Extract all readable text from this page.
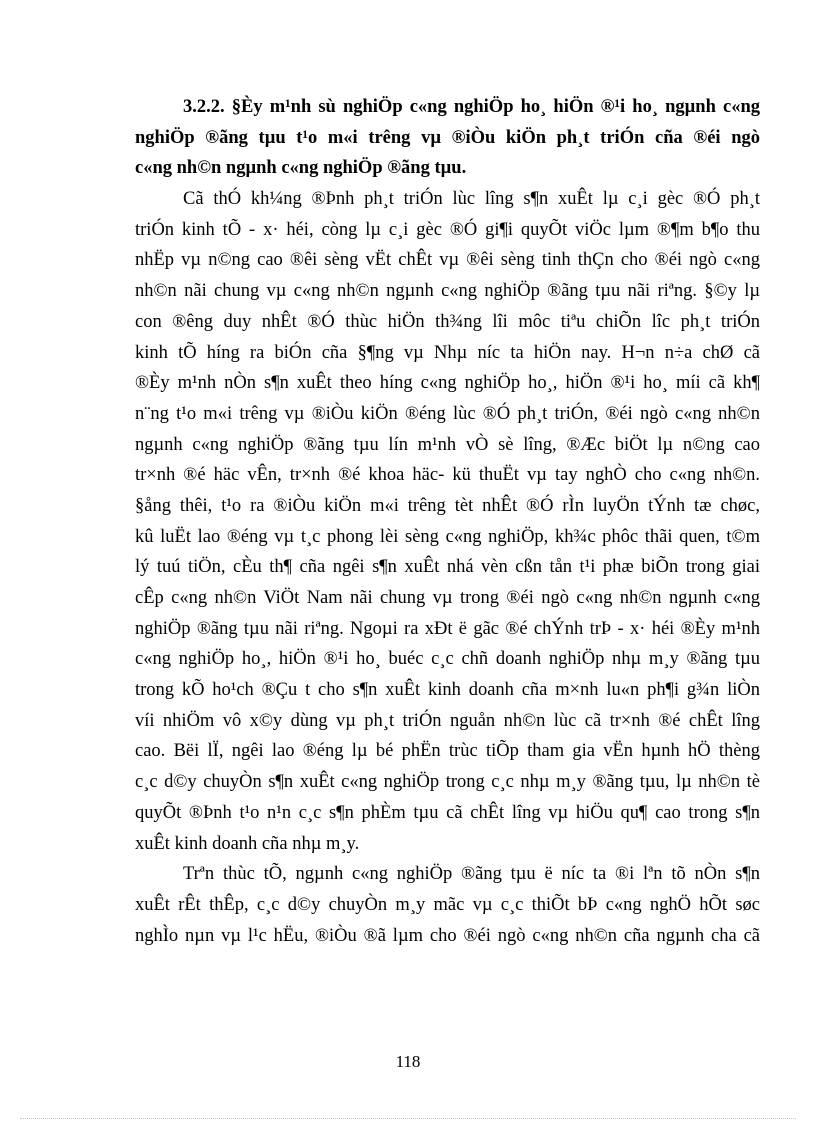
3.2.2. §Èy m¹nh sù nghiÖp c«ng nghiÖp ho¸ hiÖn ®¹i ho¸ ngµnh c«ng
nghiÖp ®ãng tµu t¹o m«i trêng vµ ®iÒu kiÖn ph¸t triÓn cña ®éi ngò
c«ng nh©n ngµnh c«ng nghiÖp ®ãng tµu.
Cã thÓ kh¼ng ®Þnh ph¸t triÓn lùc lîng s¶n xuÊt lµ c¸i gèc ®Ó ph¸t
triÓn kinh tÕ - x· héi, còng lµ c¸i gèc ®Ó gi¶i quyÕt viÖc lµm ®¶m b¶o thu
nhËp vµ n©ng cao ®êi sèng vËt chÊt vµ ®êi sèng tinh thÇn cho ®éi ngò c«ng
nh©n nãi chung vµ c«ng nh©n ngµnh c«ng nghiÖp ®ãng tµu nãi riªng. §©y lµ
con ®êng duy nhÊt ®Ó thùc hiÖn th¾ng lîi môc tiªu chiÕn lîc ph¸t triÓn
kinh tÕ híng ra biÓn cña §¶ng vµ Nhµ níc ta hiÖn nay. H¬n n÷a chØ cã
®Èy m¹nh nÒn s¶n xuÊt theo híng c«ng nghiÖp ho¸, hiÖn ®¹i ho¸ míi cã kh¶
n¨ng t¹o m«i trêng vµ ®iÒu kiÖn ®éng lùc ®Ó ph¸t triÓn, ®éi ngò c«ng nh©n
ngµnh c«ng nghiÖp ®ãng tµu lín m¹nh vÒ sè lîng, ®Æc biÖt lµ n©ng cao
tr×nh ®é häc vÊn, tr×nh ®é khoa häc- kü thuËt vµ tay nghÒ cho c«ng nh©n.
§ång thêi, t¹o ra ®iÒu kiÖn m«i trêng tèt nhÊt ®Ó rÌn luyÖn tÝnh tæ chøc,
kû luËt lao ®éng vµ t¸c phong lèi sèng c«ng nghiÖp, kh¾c phôc thãi quen, t©m
lý tuú tiÖn, cÈu th¶ cña ngêi s¶n xuÊt nhá vèn cßn tån t¹i phæ biÕn trong giai
cÊp c«ng nh©n ViÖt Nam nãi chung vµ trong ®éi ngò c«ng nh©n ngµnh c«ng
nghiÖp ®ãng tµu nãi riªng. Ngoµi ra xÐt ë gãc ®é chÝnh trÞ - x· héi ®Èy m¹nh
c«ng nghiÖp ho¸, hiÖn ®¹i ho¸ buéc c¸c chñ doanh nghiÖp nhµ m¸y ®ãng tµu
trong kÕ ho¹ch ®Çu t cho s¶n xuÊt kinh doanh cña m×nh lu«n ph¶i g¾n liÒn
víi nhiÖm vô x©y dùng vµ ph¸t triÓn nguån nh©n lùc cã tr×nh ®é chÊt lîng
cao. Bëi lÏ, ngêi lao ®éng lµ bé phËn trùc tiÕp tham gia vËn hµnh hÖ thèng
c¸c d©y chuyÒn s¶n xuÊt c«ng nghiÖp trong c¸c nhµ m¸y ®ãng tµu, lµ nh©n tè
quyÕt ®Þnh t¹o n¹n c¸c s¶n phÈm tµu cã chÊt lîng vµ hiÖu qu¶ cao trong s¶n
xuÊt kinh doanh cña nhµ m¸y.
Trªn thùc tÕ, ngµnh c«ng nghiÖp ®ãng tµu ë níc ta ®i lªn tõ nÒn s¶n
xuÊt rÊt thÊp, c¸c d©y chuyÒn m¸y mãc vµ c¸c thiÕt bÞ c«ng nghÖ hÕt søc
nghÌo nµn vµ l¹c hËu, ®iÒu ®ã lµm cho ®éi ngò c«ng nh©n cña ngµnh cha cã
118
